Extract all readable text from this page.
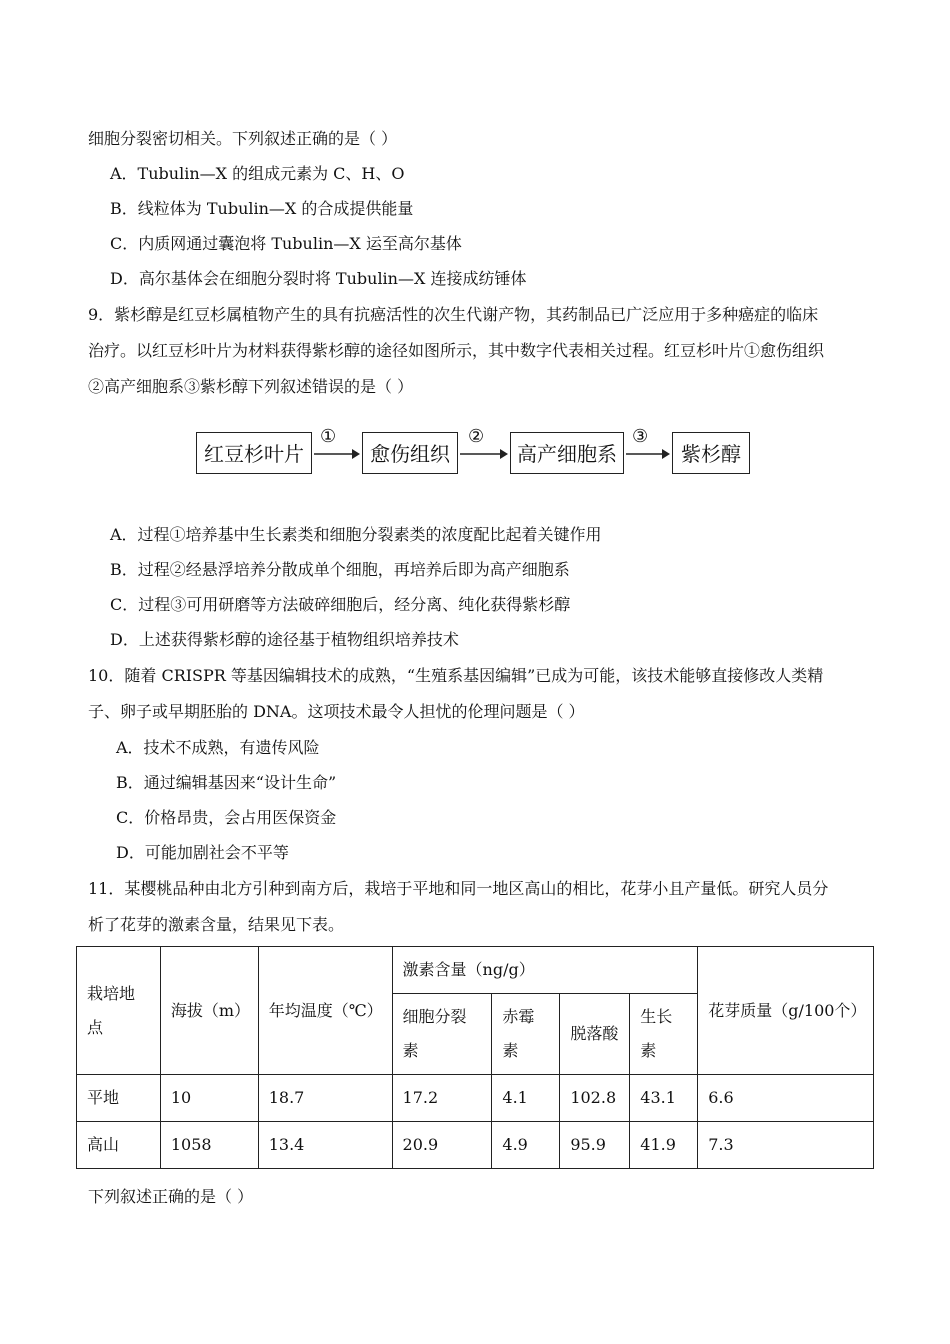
细胞分裂密切相关。下列叙述正确的是（ ）
A．Tubulin—X 的组成元素为 C、H、O
B．线粒体为 Tubulin—X 的合成提供能量
C．内质网通过囊泡将 Tubulin—X 运至高尔基体
D．高尔基体会在细胞分裂时将 Tubulin—X 连接成纺锤体
9．紫杉醇是红豆杉属植物产生的具有抗癌活性的次生代谢产物，其药制品已广泛应用于多种癌症的临床
治疗。以红豆杉叶片为材料获得紫杉醇的途径如图所示，其中数字代表相关过程。红豆杉叶片①愈伤组织
②高产细胞系③紫杉醇下列叙述错误的是（ ）
红豆杉叶片
①
愈伤组织
②
高产细胞系
③
紫杉醇
A．过程①培养基中生长素类和细胞分裂素类的浓度配比起着关键作用
B．过程②经悬浮培养分散成单个细胞，再培养后即为高产细胞系
C．过程③可用研磨等方法破碎细胞后，经分离、纯化获得紫杉醇
D．上述获得紫杉醇的途径基于植物组织培养技术
10．随着 CRISPR 等基因编辑技术的成熟，“生殖系基因编辑”已成为可能，该技术能够直接修改人类精
子、卵子或早期胚胎的 DNA。这项技术最令人担忧的伦理问题是（ ）
A．技术不成熟，有遗传风险
B．通过编辑基因来“设计生命”
C．价格昂贵，会占用医保资金
D．可能加剧社会不平等
11．某樱桃品种由北方引种到南方后，栽培于平地和同一地区高山的相比，花芽小且产量低。研究人员分
析了花芽的激素含量，结果见下表。
栽培地点	海拔（m）	年均温度（℃）	激素含量（ng/g）				花芽质量（g/100个）
			细胞分裂素	赤霉素	脱落酸	生长素	
平地	10	18.7	17.2	4.1	102.8	43.1	6.6
高山	1058	13.4	20.9	4.9	95.9	41.9	7.3
下列叙述正确的是（ ）
